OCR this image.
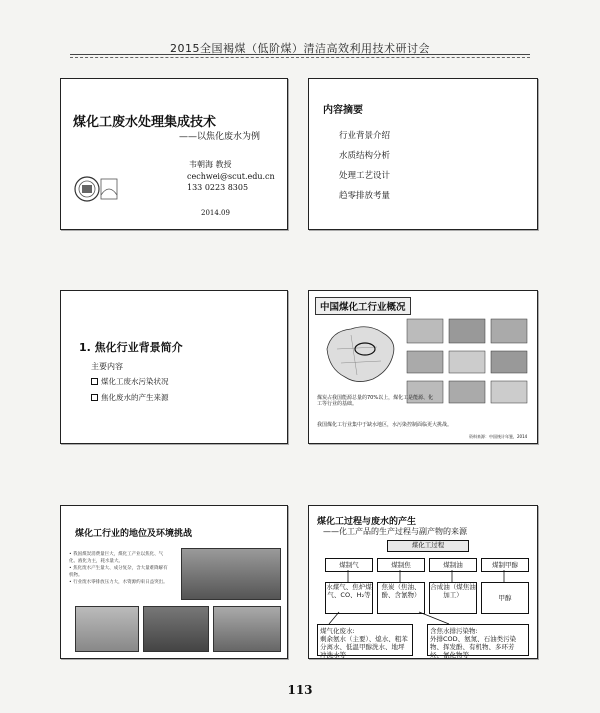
2015全国褐煤（低阶煤）清洁高效利用技术研讨会
煤化工废水处理集成技术
——以焦化废水为例
韦朝海 教授
cechwei@scut.edu.cn
133 0223 8305
2014.09
内容摘要
行业背景介绍
水质结构分析
处理工艺设计
趋零排放考量
1. 焦化行业背景简介
主要内容
煤化工废水污染状况
焦化废水的产生来源
中国煤化工行业概况
煤炭占我国能源总量的70%以上，煤化工是能源、化工等行业的基础。
我国煤化工行业集中于缺水地区，水污染控制面临更大挑战。
资料来源：中国统计年鉴，2014
煤化工行业的地位及环境挑战
• 我国煤炭消费量巨大，煤化工产业以焦化、气化、液化为主，耗水量大。
• 焦化废水产生量大、成分复杂，含大量难降解有机物。
• 行业废水零排放压力大，水资源约束日益突出。
煤化工过程与废水的产生
——化工产品的生产过程与副产物的来源
煤化工过程
煤制气	煤制焦	煤制油	煤制甲醇
水煤气、焦炉煤气、CO、H₂等
焦炭（焦油、酚、含氰物）
合成油（煤焦油加工）	甲醇
煤气化废水:
剩余氨水（主要）、熄水、粗苯分离水、低温甲醇洗水、地坪冲洗水等
含焦水排污染物:
外排COD、氨氮、石油类污染物、挥发酚、有机物、多环芳烃、氰化物等
113
